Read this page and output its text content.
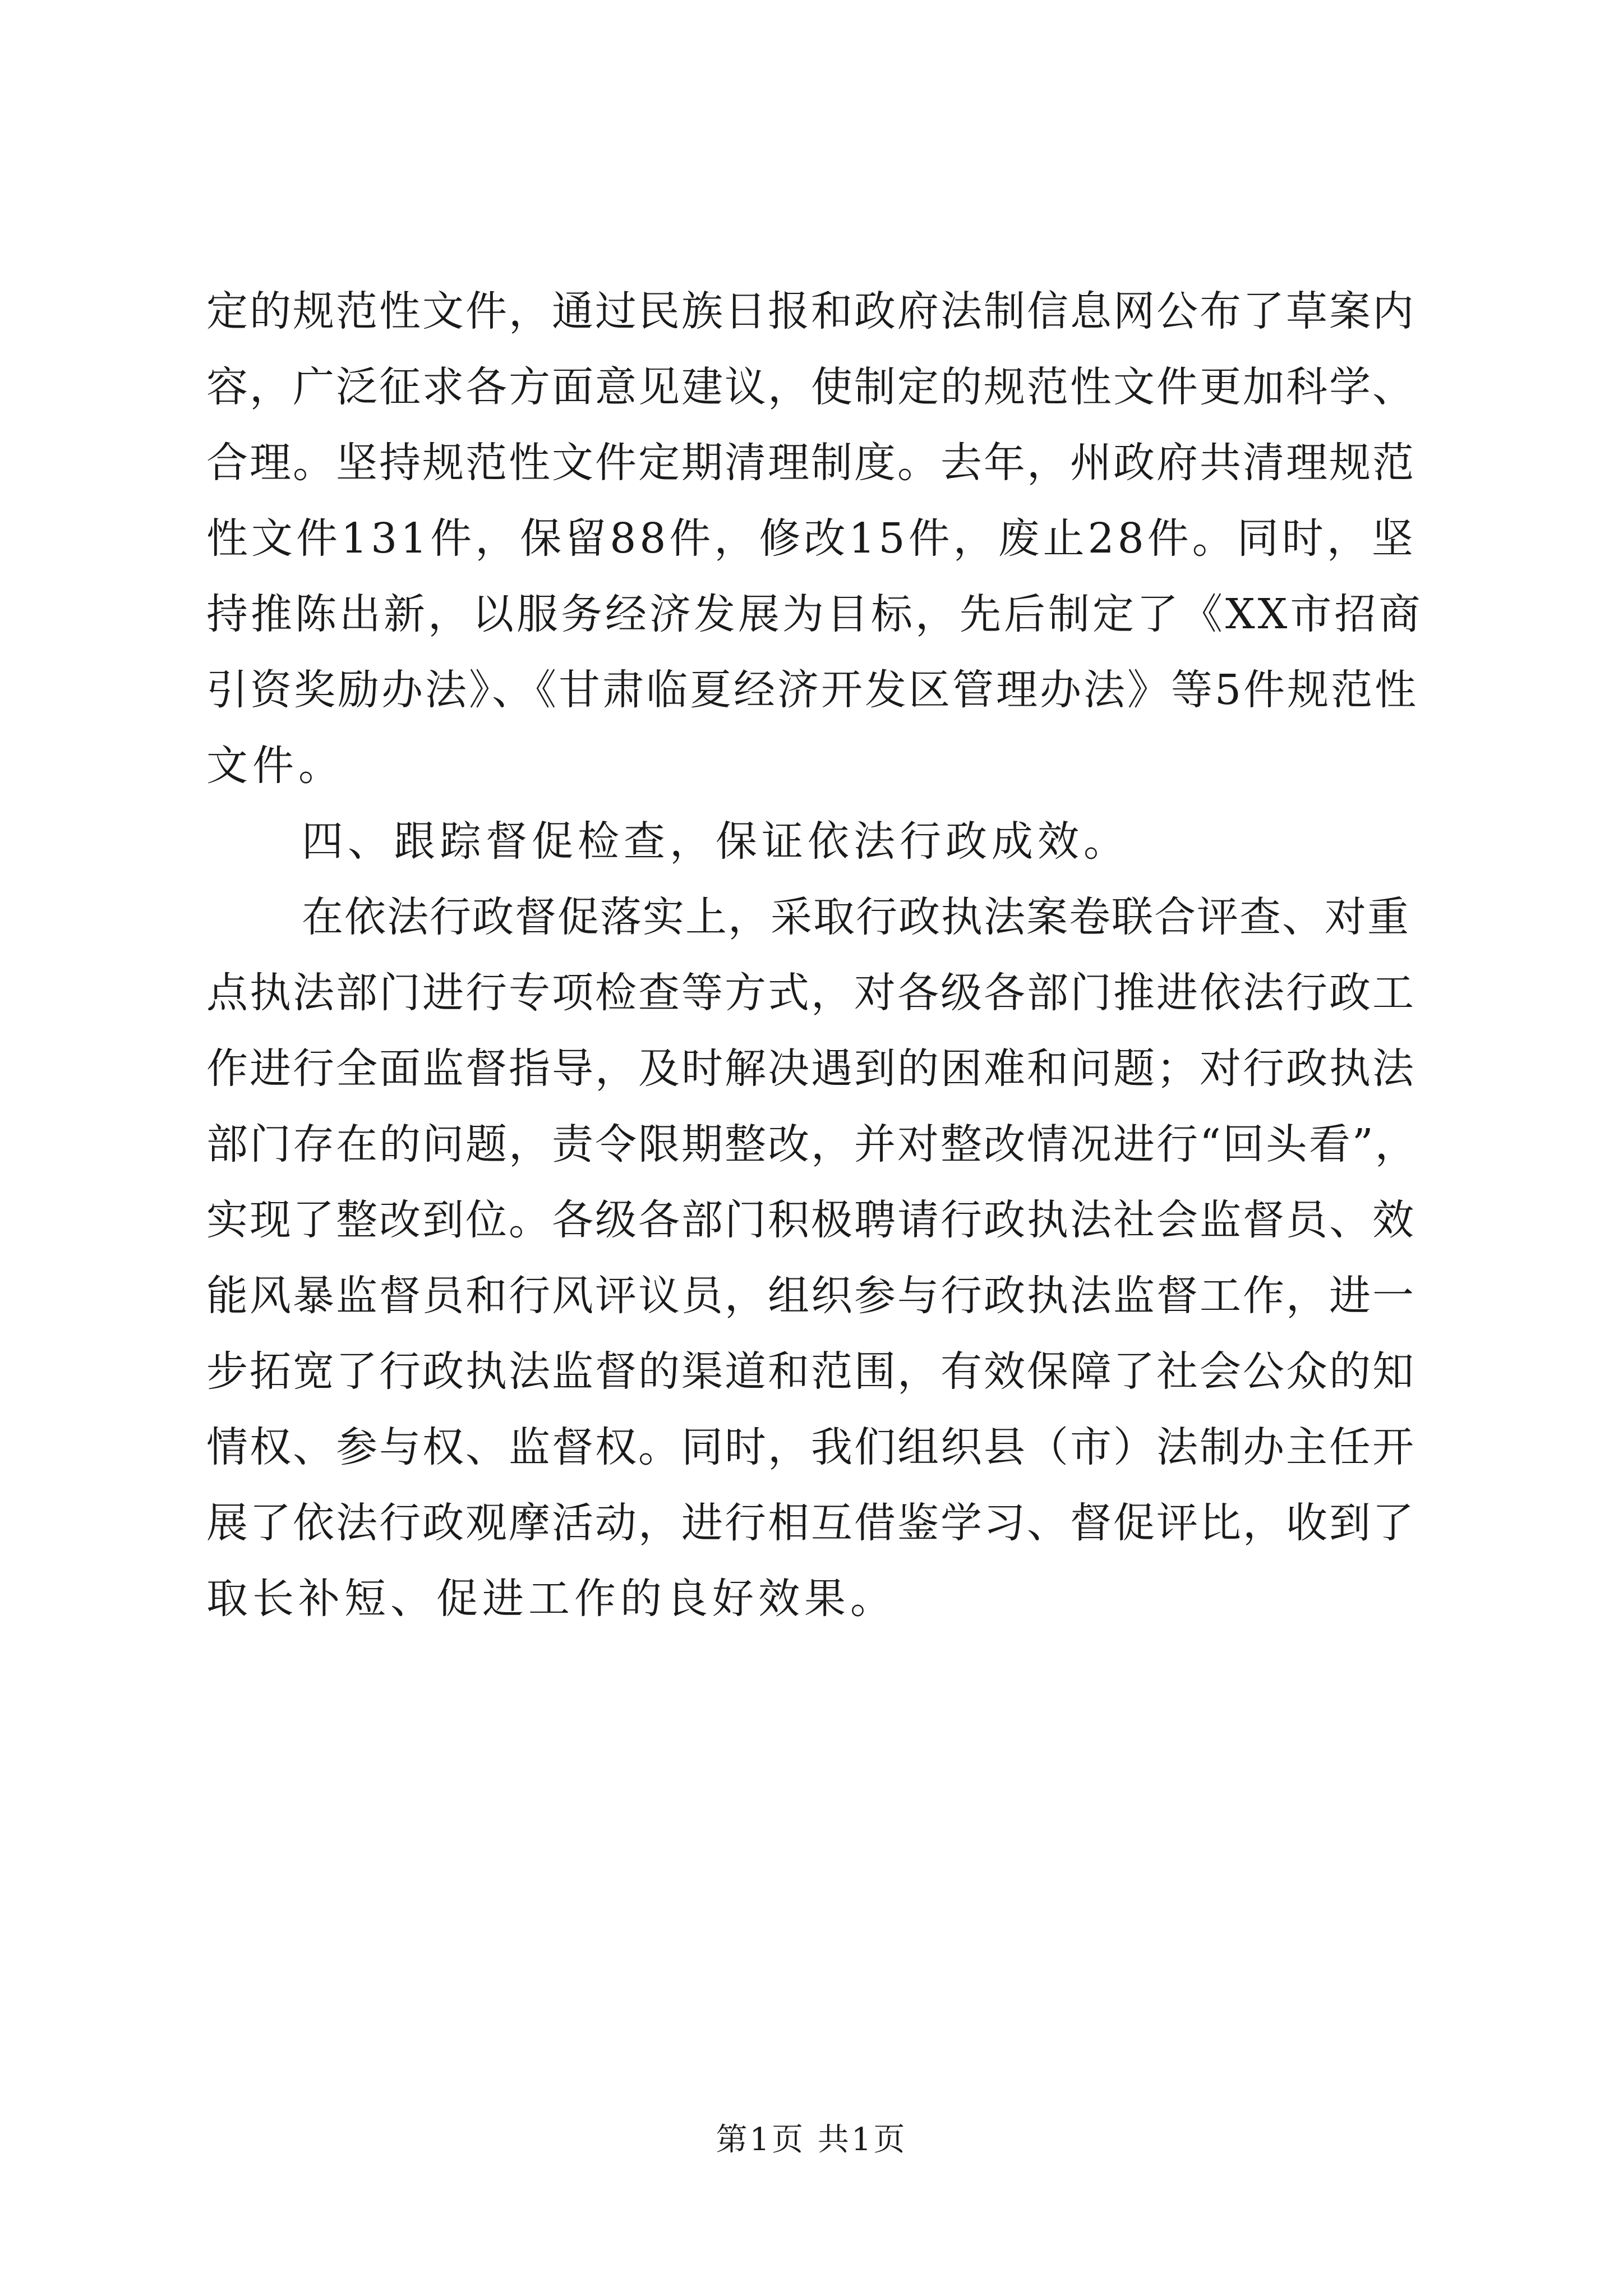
定的规范性文件，通过民族日报和政府法制信息网公布了草案内
容，广泛征求各方面意见建议，使制定的规范性文件更加科学、
合理。坚持规范性文件定期清理制度。去年，州政府共清理规范
性文件131件，保留88件，修改15件，废止28件。同时，坚
持推陈出新，以服务经济发展为目标，先后制定了《XX市招商
引资奖励办法》、《甘肃临夏经济开发区管理办法》等5件规范性
文件。
四、跟踪督促检查，保证依法行政成效。
在依法行政督促落实上，采取行政执法案卷联合评查、对重
点执法部门进行专项检查等方式，对各级各部门推进依法行政工
作进行全面监督指导，及时解决遇到的困难和问题；对行政执法
部门存在的问题，责令限期整改，并对整改情况进行“回头看”，
实现了整改到位。各级各部门积极聘请行政执法社会监督员、效
能风暴监督员和行风评议员，组织参与行政执法监督工作，进一
步拓宽了行政执法监督的渠道和范围，有效保障了社会公众的知
情权、参与权、监督权。同时，我们组织县（市）法制办主任开
展了依法行政观摩活动，进行相互借鉴学习、督促评比，收到了
取长补短、促进工作的良好效果。
第1页 共1页
